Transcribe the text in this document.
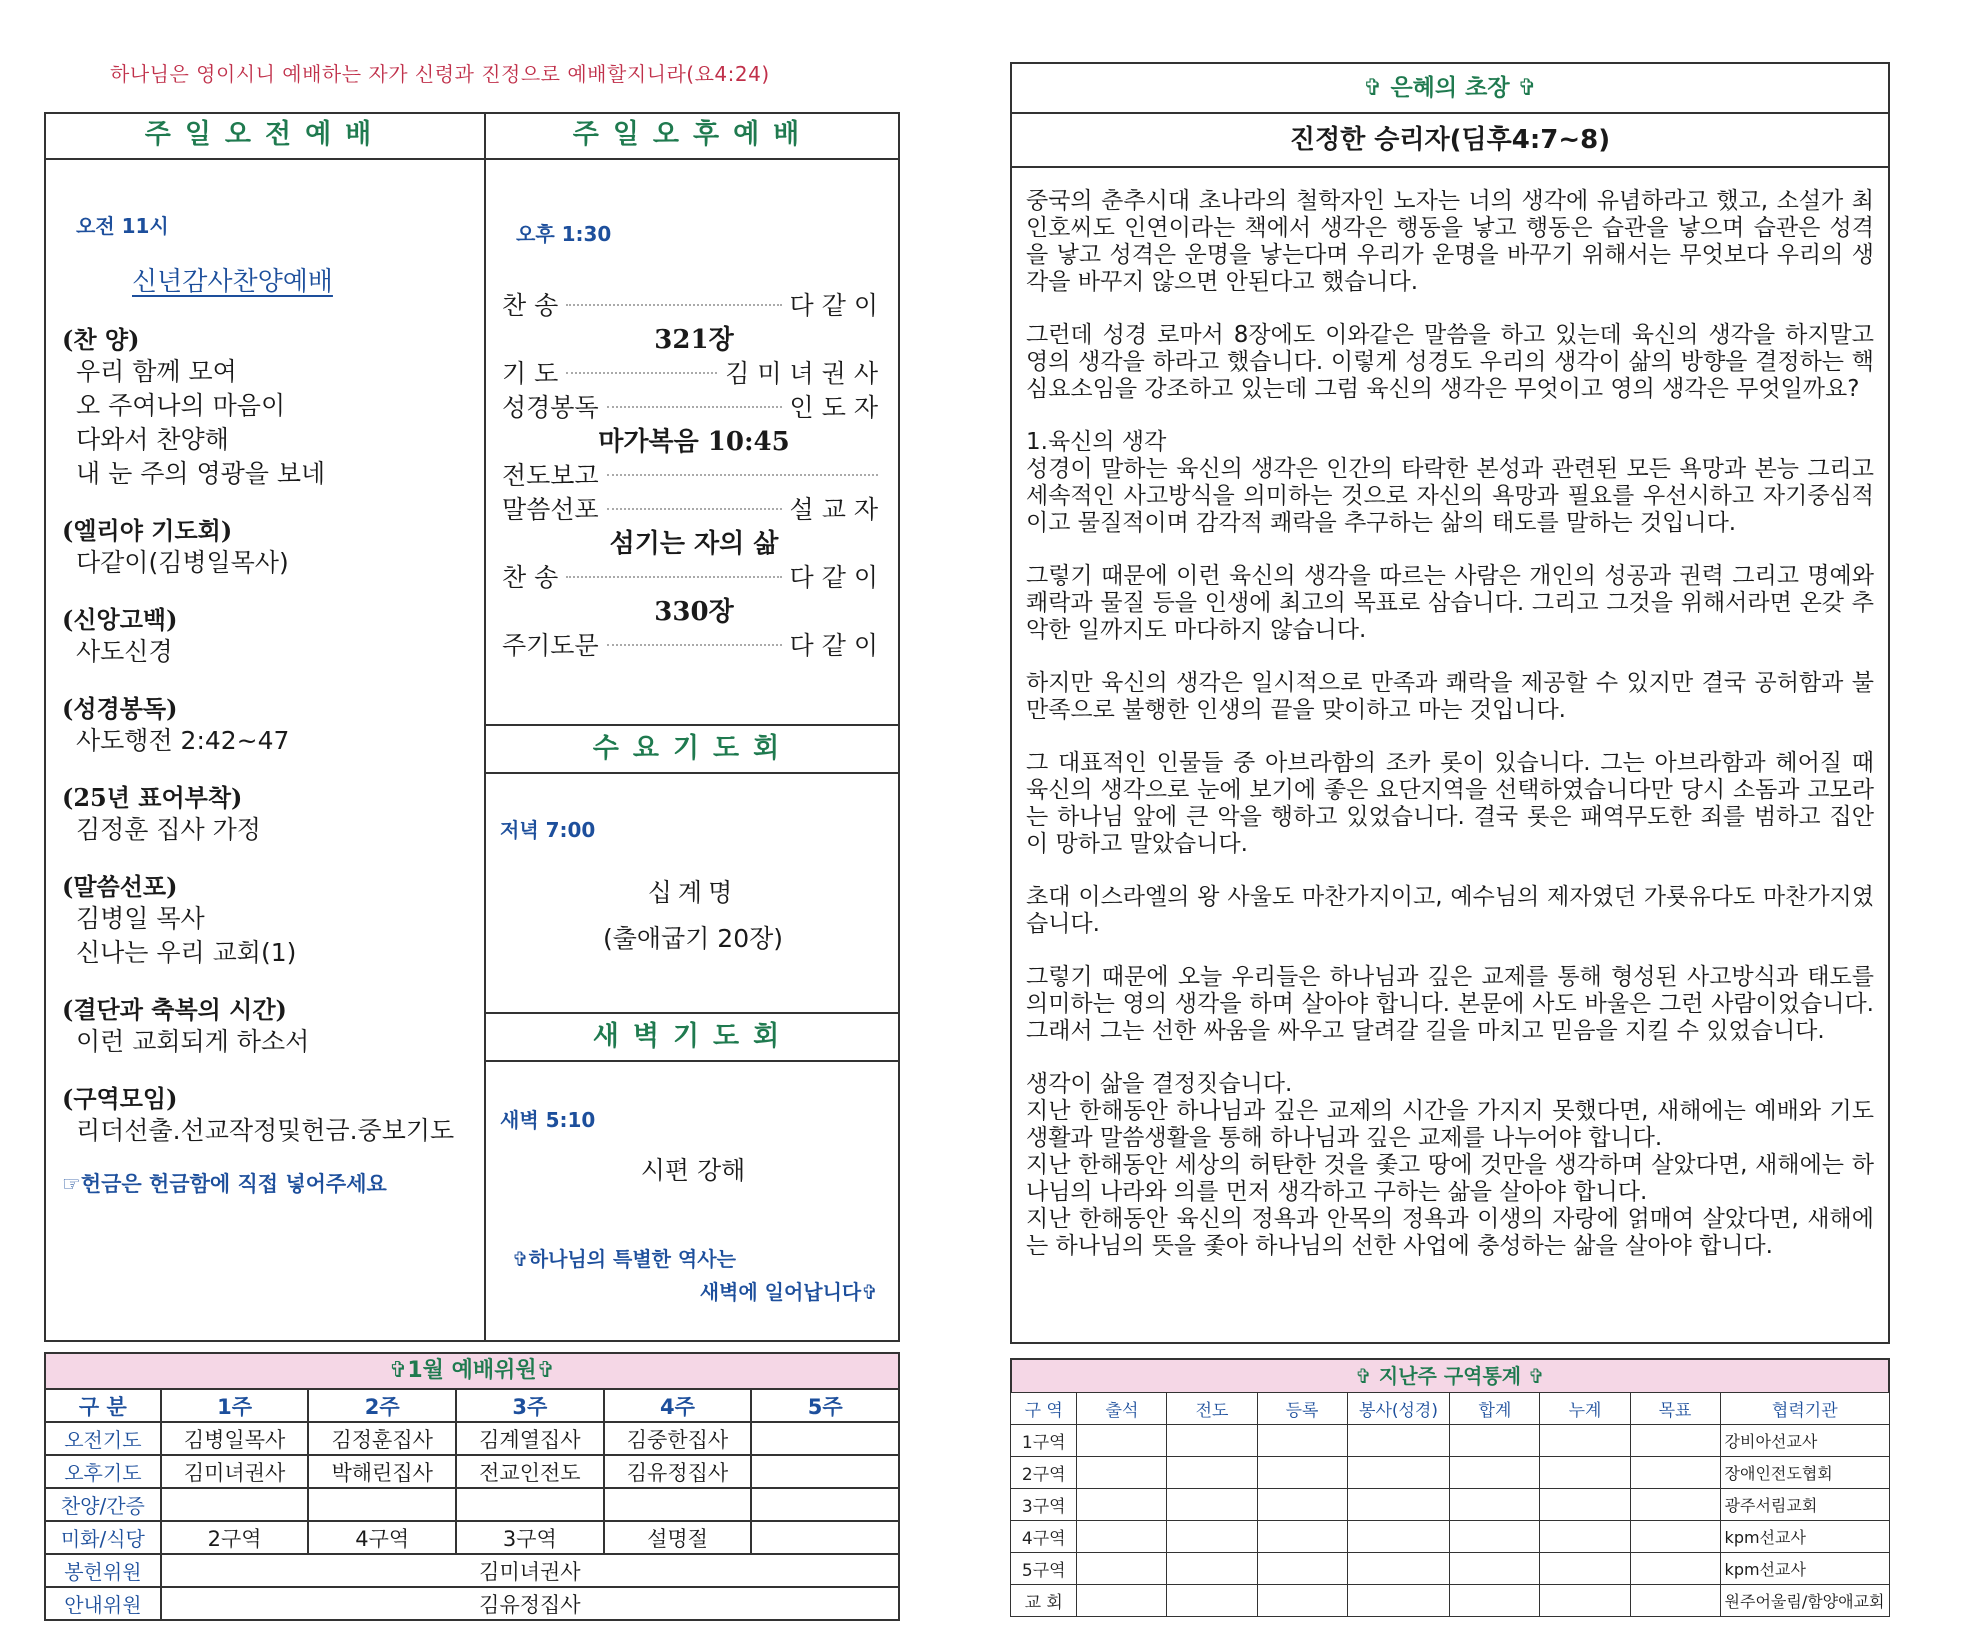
하나님은 영이시니 예배하는 자가 신령과 진정으로 예배할지니라(요4:24)
주일오전예배
오전 11시
신년감사찬양예배
(찬 양)
우리 함께 모여
오 주여나의 마음이
다와서 찬양해
내 눈 주의 영광을 보네
(엘리야 기도회)
다같이(김병일목사)
(신앙고백)
사도신경
(성경봉독)
사도행전 2:42~47
(25년 표어부착)
김정훈 집사 가정
(말씀선포)
김병일 목사
신나는 우리 교회(1)
(결단과 축복의 시간)
이런 교회되게 하소서
(구역모임)
리더선출.선교작정및헌금.중보기도
☞헌금은 헌금함에 직접 넣어주세요
주일오후예배
오후 1:30
찬 송	다같이
321장
기 도	김미녀권사
성경봉독	인도자
마가복음 10:45
전도보고
말씀선포	설교자
섬기는 자의 삶
찬 송	다같이
330장
주기도문	다같이
수요기도회
저녁 7:00
십계명
(출애굽기 20장)
새벽기도회
새벽 5:10
시편 강해
✞하나님의 특별한 역사는
새벽에 일어납니다✞
✞1월 예배위원✞
구 분	1주	2주	3주	4주	5주
오전기도	김병일목사	김정훈집사	김계열집사	김중한집사	
오후기도	김미녀권사	박해린집사	전교인전도	김유정집사	
찬양/간증					
미화/식당	2구역	4구역	3구역	설명절	
봉헌위원	김미녀권사				
안내위원	김유정집사				
✞ 은혜의 초장 ✞
진정한 승리자(딤후4:7~8)
중국의 춘추시대 초나라의 철학자인 노자는 너의 생각에 유념하라고 했고, 소설가 최인호씨도 인연이라는 책에서 생각은 행동을 낳고 행동은 습관을 낳으며 습관은 성격을 낳고 성격은 운명을 낳는다며 우리가 운명을 바꾸기 위해서는 무엇보다 우리의 생각을 바꾸지 않으면 안된다고 했습니다.
그런데 성경 로마서 8장에도 이와같은 말씀을 하고 있는데 육신의 생각을 하지말고 영의 생각을 하라고 했습니다. 이렇게 성경도 우리의 생각이 삶의 방향을 결정하는 핵심요소임을 강조하고 있는데 그럼 육신의 생각은 무엇이고 영의 생각은 무엇일까요?
1.육신의 생각
성경이 말하는 육신의 생각은 인간의 타락한 본성과 관련된 모든 욕망과 본능 그리고 세속적인 사고방식을 의미하는 것으로 자신의 욕망과 필요를 우선시하고 자기중심적이고 물질적이며 감각적 쾌락을 추구하는 삶의 태도를 말하는 것입니다.
그렇기 때문에 이런 육신의 생각을 따르는 사람은 개인의 성공과 권력 그리고 명예와 쾌락과 물질 등을 인생에 최고의 목표로 삼습니다. 그리고 그것을 위해서라면 온갖 추악한 일까지도 마다하지 않습니다.
하지만 육신의 생각은 일시적으로 만족과 쾌락을 제공할 수 있지만 결국 공허함과 불만족으로 불행한 인생의 끝을 맞이하고 마는 것입니다.
그 대표적인 인물들 중 아브라함의 조카 롯이 있습니다. 그는 아브라함과 헤어질 때 육신의 생각으로 눈에 보기에 좋은 요단지역을 선택하였습니다만 당시 소돔과 고모라는 하나님 앞에 큰 악을 행하고 있었습니다. 결국 롯은 패역무도한 죄를 범하고 집안이 망하고 말았습니다.
초대 이스라엘의 왕 사울도 마찬가지이고, 예수님의 제자였던 가룟유다도 마찬가지였습니다.
그렇기 때문에 오늘 우리들은 하나님과 깊은 교제를 통해 형성된 사고방식과 태도를 의미하는 영의 생각을 하며 살아야 합니다. 본문에 사도 바울은 그런 사람이었습니다. 그래서 그는 선한 싸움을 싸우고 달려갈 길을 마치고 믿음을 지킬 수 있었습니다.
생각이 삶을 결정짓습니다.
지난 한해동안 하나님과 깊은 교제의 시간을 가지지 못했다면, 새해에는 예배와 기도생활과 말씀생활을 통해 하나님과 깊은 교제를 나누어야 합니다.
지난 한해동안 세상의 허탄한 것을 좇고 땅에 것만을 생각하며 살았다면, 새해에는 하나님의 나라와 의를 먼저 생각하고 구하는 삶을 살아야 합니다.
지난 한해동안 육신의 정욕과 안목의 정욕과 이생의 자랑에 얽매여 살았다면, 새해에는 하나님의 뜻을 좇아 하나님의 선한 사업에 충성하는 삶을 살아야 합니다.
✞ 지난주 구역통계 ✞
구 역	출석	전도	등록	봉사(성경)	합계	누계	목표	협력기관
1구역								강비아선교사
2구역								장애인전도협회
3구역								광주서림교회
4구역								kpm선교사
5구역								kpm선교사
교 회								원주어울림/함양애교회
